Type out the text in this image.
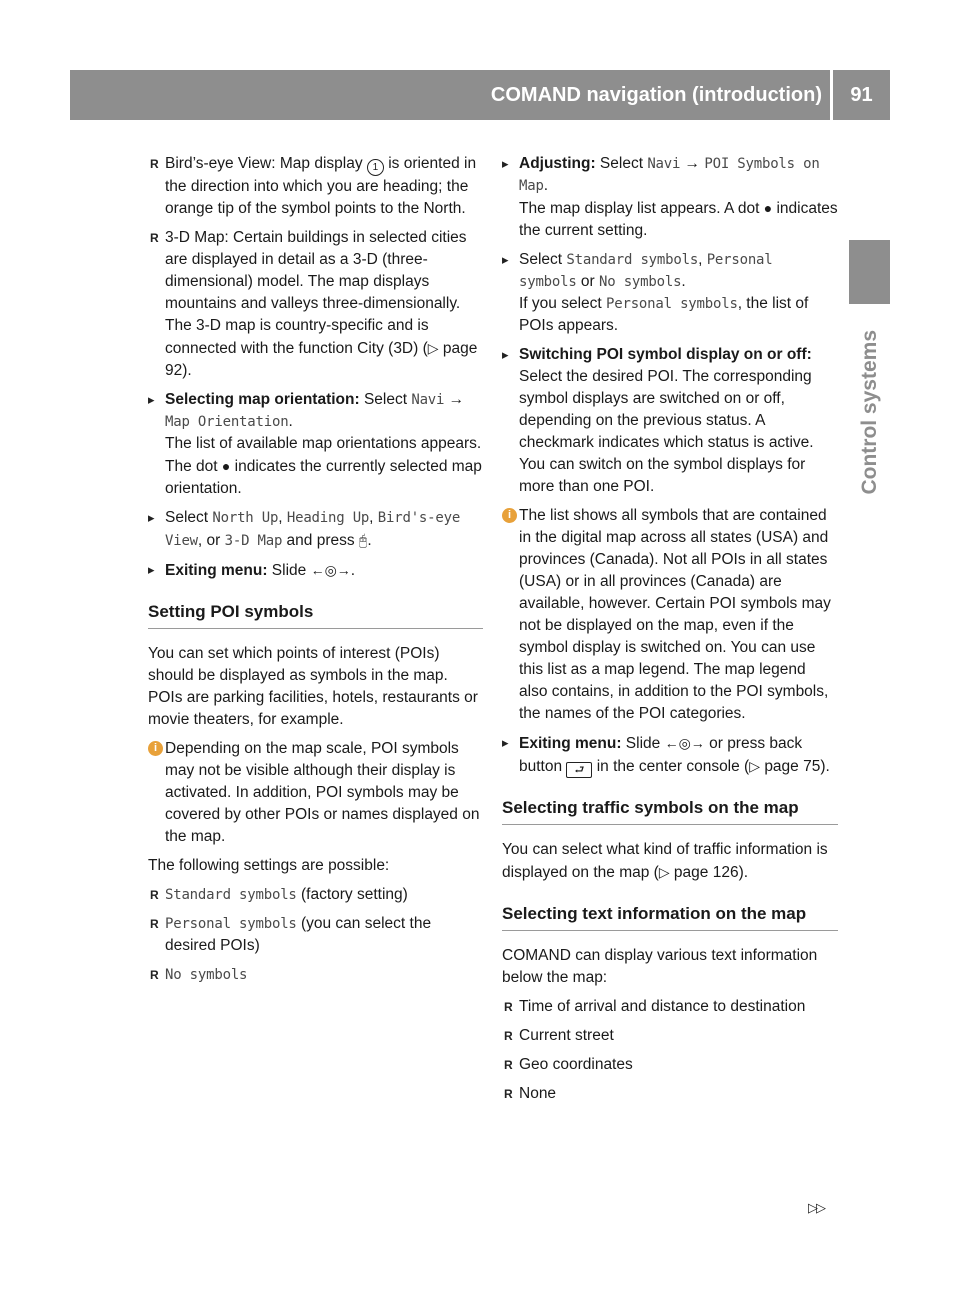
COMAND navigation (introduction)	91
Control systems
R Bird’s-eye View: Map display 1 is oriented in the direction into which you are heading; the orange tip of the symbol points to the North.
R 3-D Map: Certain buildings in selected cities are displayed in detail as a 3-D (three-dimensional) model. The map displays mountains and valleys three-dimensionally. The 3-D map is country-specific and is connected with the function City (3D) (▷ page 92).
▸ Selecting map orientation: Select Navi → Map Orientation.
The list of available map orientations appears. The dot ● indicates the currently selected map orientation.
▸ Select North Up, Heading Up, Bird's-eye View, or 3-D Map and press 🖰.
▸ Exiting menu: Slide ←◎→.
Setting POI symbols
You can set which points of interest (POIs) should be displayed as symbols in the map. POIs are parking facilities, hotels, restaurants or movie theaters, for example.
i Depending on the map scale, POI symbols may not be visible although their display is activated. In addition, POI symbols may be covered by other POIs or names displayed on the map.
The following settings are possible:
R Standard symbols (factory setting)
R Personal symbols (you can select the desired POIs)
R No symbols
▸ Adjusting: Select Navi → POI Symbols on Map.
The map display list appears. A dot ● indicates the current setting.
▸ Select Standard symbols, Personal symbols or No symbols.
If you select Personal symbols, the list of POIs appears.
▸ Switching POI symbol display on or off: Select the desired POI. The corresponding symbol displays are switched on or off, depending on the previous status. A checkmark indicates which status is active. You can switch on the symbol displays for more than one POI.
i The list shows all symbols that are contained in the digital map across all states (USA) and provinces (Canada). Not all POIs in all states (USA) or in all provinces (Canada) are available, however. Certain POI symbols may not be displayed on the map, even if the symbol display is switched on. You can use this list as a map legend. The map legend also contains, in addition to the POI symbols, the names of the POI categories.
▸ Exiting menu: Slide ←◎→ or press back button ⮐ in the center console (▷ page 75).
Selecting traffic symbols on the map
You can select what kind of traffic information is displayed on the map (▷ page 126).
Selecting text information on the map
COMAND can display various text information below the map:
R Time of arrival and distance to destination
R Current street
R Geo coordinates
R None
▷▷
